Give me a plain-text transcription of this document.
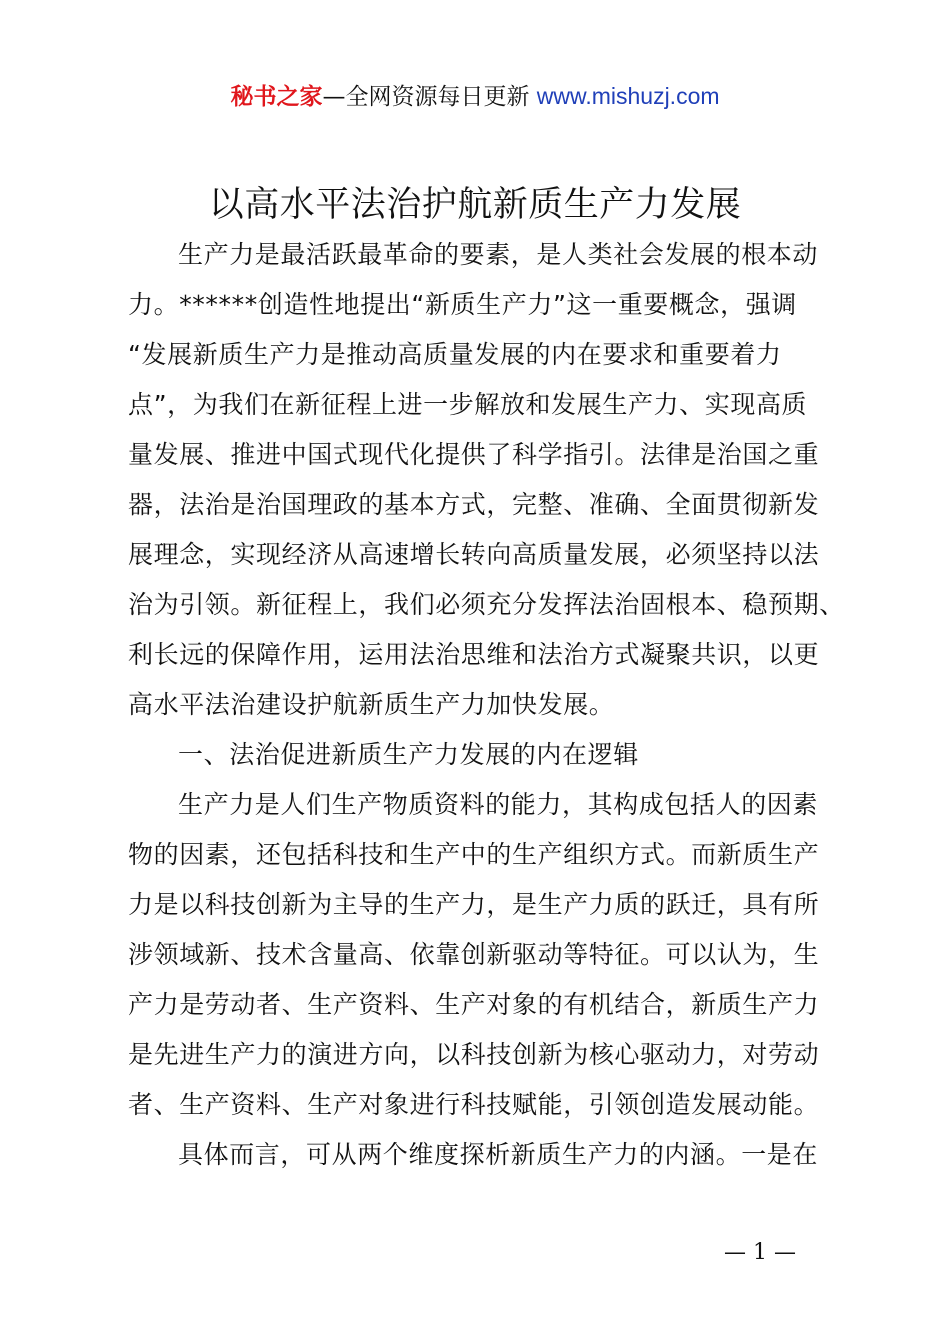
秘书之家—全网资源每日更新 www.mishuzj.com
以高水平法治护航新质生产力发展
生产力是最活跃最革命的要素，是人类社会发展的根本动
力。******创造性地提出“新质生产力”这一重要概念，强调
“发展新质生产力是推动高质量发展的内在要求和重要着力
点”，为我们在新征程上进一步解放和发展生产力、实现高质
量发展、推进中国式现代化提供了科学指引。法律是治国之重
器，法治是治国理政的基本方式，完整、准确、全面贯彻新发
展理念，实现经济从高速增长转向高质量发展，必须坚持以法
治为引领。新征程上，我们必须充分发挥法治固根本、稳预期、
利长远的保障作用，运用法治思维和法治方式凝聚共识，以更
高水平法治建设护航新质生产力加快发展。
一、法治促进新质生产力发展的内在逻辑
生产力是人们生产物质资料的能力，其构成包括人的因素
物的因素，还包括科技和生产中的生产组织方式。而新质生产
力是以科技创新为主导的生产力，是生产力质的跃迁，具有所
涉领域新、技术含量高、依靠创新驱动等特征。可以认为，生
产力是劳动者、生产资料、生产对象的有机结合，新质生产力
是先进生产力的演进方向，以科技创新为核心驱动力，对劳动
者、生产资料、生产对象进行科技赋能，引领创造发展动能。
具体而言，可从两个维度探析新质生产力的内涵。一是在
— 1 —
